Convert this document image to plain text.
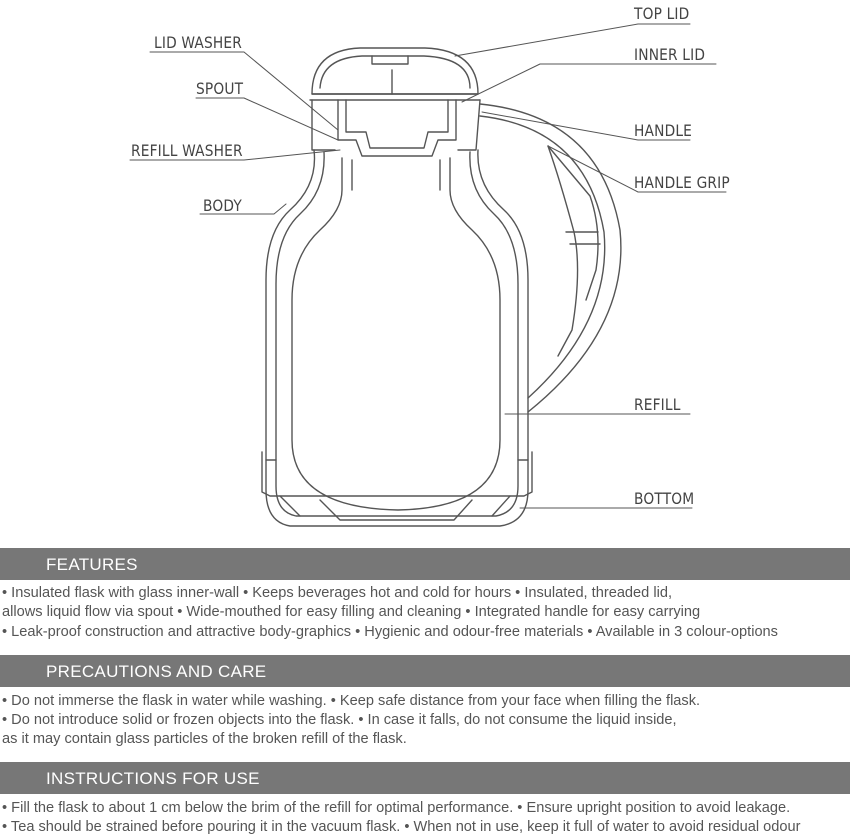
TOP LID
INNER LID
HANDLE
HANDLE GRIP
REFILL
BOTTOM
LID WASHER
SPOUT
REFILL WASHER
BODY
FEATURES
• Insulated flask with glass inner-wall • Keeps beverages hot and cold for hours • Insulated, threaded lid,
allows liquid flow via spout • Wide-mouthed for easy filling and cleaning • Integrated handle for easy carrying
• Leak-proof construction and attractive body-graphics • Hygienic and odour-free materials • Available in 3 colour-options
PRECAUTIONS AND CARE
• Do not immerse the flask in water while washing. • Keep safe distance from your face when filling the flask.
• Do not introduce solid or frozen objects into the flask. • In case it falls, do not consume the liquid inside,
as it may contain glass particles of the broken refill of the flask.
INSTRUCTIONS FOR USE
• Fill the flask to about 1 cm below the brim of the refill for optimal performance. • Ensure upright position to avoid leakage.
• Tea should be strained before pouring it in the vacuum flask. • When not in use, keep it full of water to avoid residual odour
